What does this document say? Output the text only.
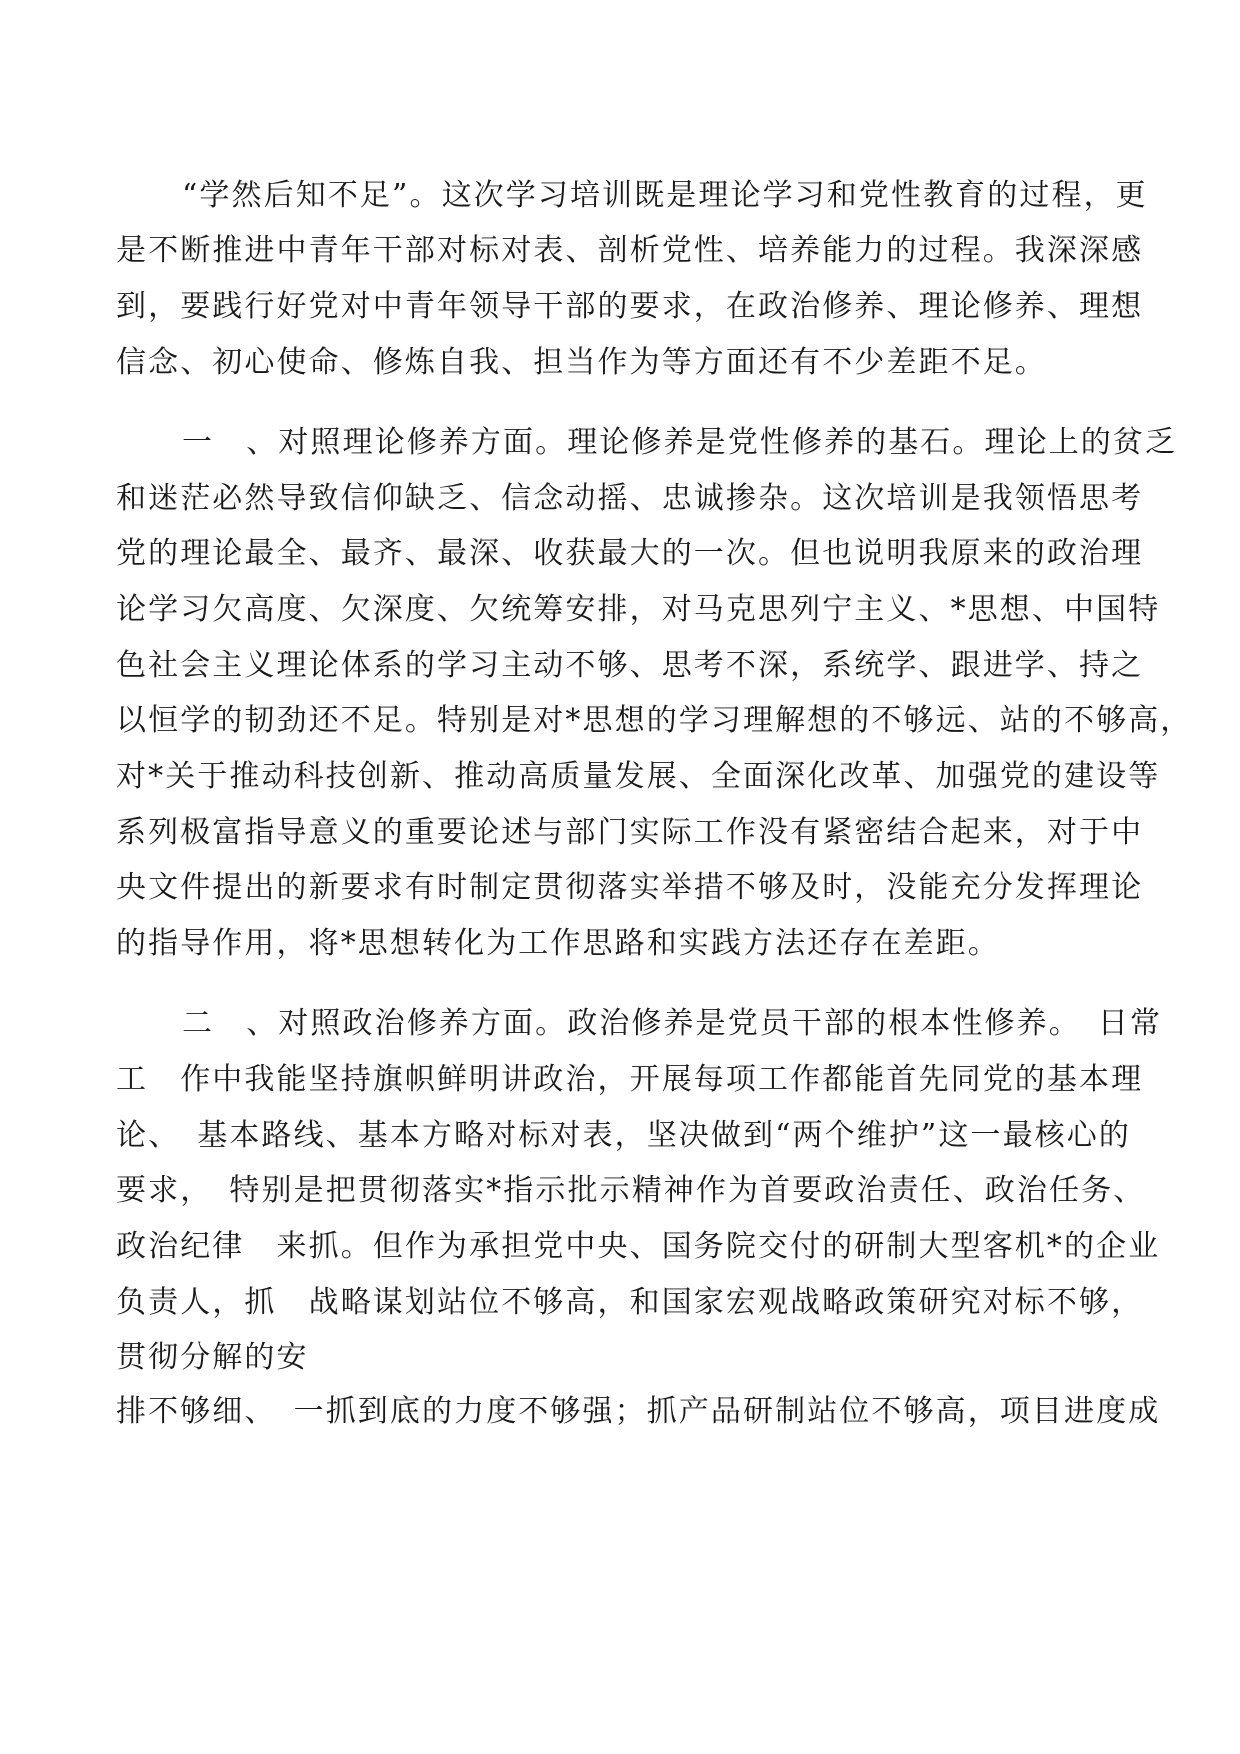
“学然后知不足”。这次学习培训既是理论学习和党性教育的过程，更
是不断推进中青年干部对标对表、剖析党性、培养能力的过程。我深深感
到，要践行好党对中青年领导干部的要求，在政治修养、理论修养、理想
信念、初心使命、修炼自我、担当作为等方面还有不少差距不足。
一　、对照理论修养方面。理论修养是党性修养的基石。理论上的贫乏
和迷茫必然导致信仰缺乏、信念动摇、忠诚掺杂。这次培训是我领悟思考
党的理论最全、最齐、最深、收获最大的一次。但也说明我原来的政治理
论学习欠高度、欠深度、欠统筹安排，对马克思列宁主义、*思想、中国特
色社会主义理论体系的学习主动不够、思考不深，系统学、跟进学、持之
以恒学的韧劲还不足。特别是对*思想的学习理解想的不够远、站的不够高，
对*关于推动科技创新、推动高质量发展、全面深化改革、加强党的建设等
系列极富指导意义的重要论述与部门实际工作没有紧密结合起来，对于中
央文件提出的新要求有时制定贯彻落实举措不够及时，没能充分发挥理论
的指导作用，将*思想转化为工作思路和实践方法还存在差距。
二　、对照政治修养方面。政治修养是党员干部的根本性修养。　日常
工　作中我能坚持旗帜鲜明讲政治，开展每项工作都能首先同党的基本理
论、　基本路线、基本方略对标对表，坚决做到“两个维护”这一最核心的
要求，　特别是把贯彻落实*指示批示精神作为首要政治责任、政治任务、
政治纪律　来抓。但作为承担党中央、国务院交付的研制大型客机*的企业
负责人，抓　战略谋划站位不够高，和国家宏观战略政策研究对标不够，
贯彻分解的安
排不够细、　一抓到底的力度不够强；抓产品研制站位不够高，项目进度成
